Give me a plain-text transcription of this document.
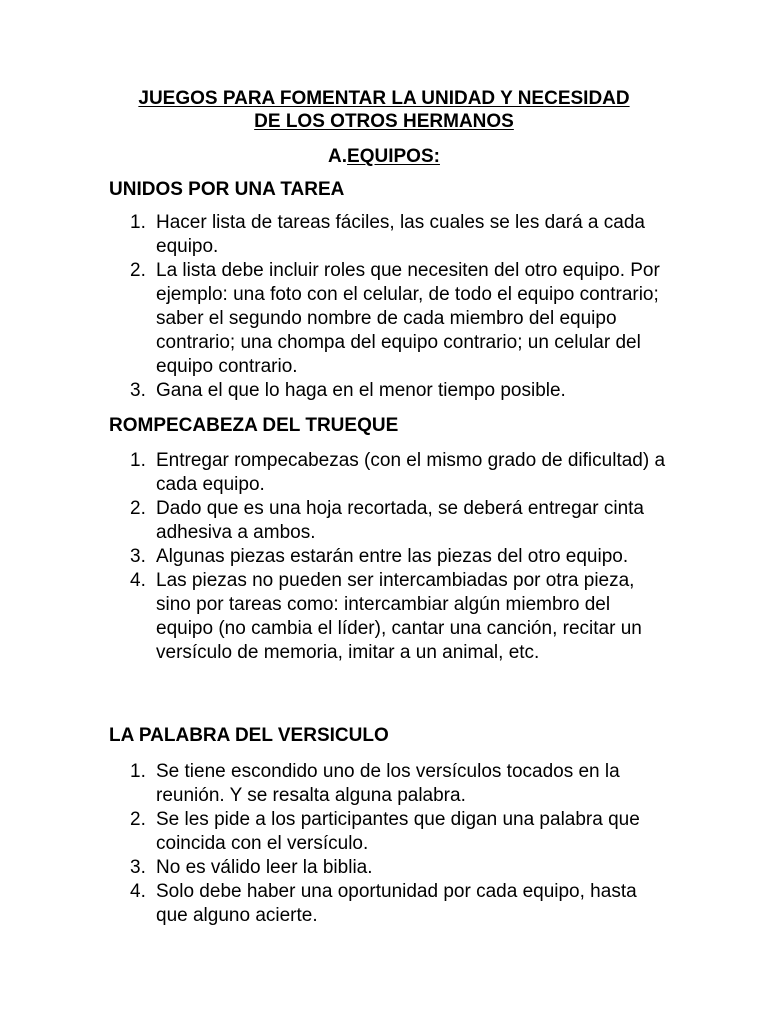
JUEGOS PARA FOMENTAR LA UNIDAD Y NECESIDAD
DE LOS OTROS HERMANOS
A.EQUIPOS:
UNIDOS POR UNA TAREA
1. Hacer lista de tareas fáciles, las cuales se les dará a cada equipo.
2. La lista debe incluir roles que necesiten del otro equipo. Por ejemplo: una foto con el celular, de todo el equipo contrario; saber el segundo nombre de cada miembro del equipo contrario; una chompa del equipo contrario; un celular del equipo contrario.
3. Gana el que lo haga en el menor tiempo posible.
ROMPECABEZA DEL TRUEQUE
1. Entregar rompecabezas (con el mismo grado de dificultad) a cada equipo.
2. Dado que es una hoja recortada, se deberá entregar cinta adhesiva a ambos.
3. Algunas piezas estarán entre las piezas del otro equipo.
4. Las piezas no pueden ser intercambiadas por otra pieza, sino por tareas como: intercambiar algún miembro del equipo (no cambia el líder), cantar una canción, recitar un versículo de memoria, imitar a un animal, etc.
LA PALABRA DEL VERSICULO
1. Se tiene escondido uno de los versículos tocados en la reunión. Y se resalta alguna palabra.
2. Se les pide a los participantes que digan una palabra que coincida con el versículo.
3. No es válido leer la biblia.
4. Solo debe haber una oportunidad por cada equipo, hasta que alguno acierte.
